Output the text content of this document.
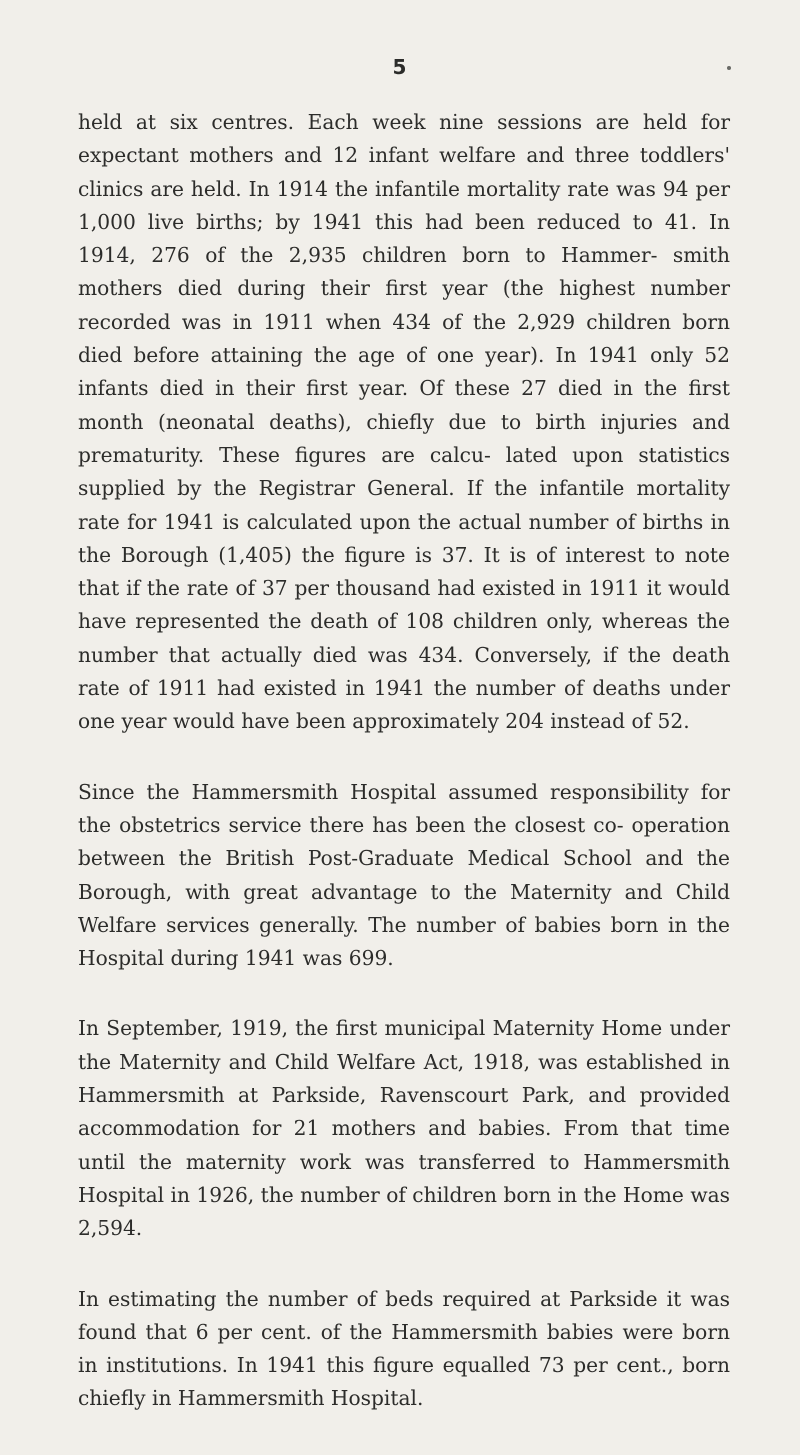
5

held at six centres. Each week nine sessions are held for expectant mothers and 12 infant welfare and three toddlers' clinics are held. In 1914 the infantile mortality rate was 94 per 1,000 live births; by 1941 this had been reduced to 41. In 1914, 276 of the 2,935 children born to Hammer- smith mothers died during their first year (the highest number recorded was in 1911 when 434 of the 2,929 children born died before attaining the age of one year). In 1941 only 52 infants died in their first year. Of these 27 died in the first month (neonatal deaths), chiefly due to birth injuries and prematurity. These figures are calcu- lated upon statistics supplied by the Registrar General. If the infantile mortality rate for 1941 is calculated upon the actual number of births in the Borough (1,405) the figure is 37. It is of interest to note that if the rate of 37 per thousand had existed in 1911 it would have represented the death of 108 children only, whereas the number that actually died was 434. Conversely, if the death rate of 1911 had existed in 1941 the number of deaths under one year would have been approximately 204 instead of 52.

Since the Hammersmith Hospital assumed responsibility for the obstetrics service there has been the closest co- operation between the British Post-Graduate Medical School and the Borough, with great advantage to the Maternity and Child Welfare services generally. The number of babies born in the Hospital during 1941 was 699.

In September, 1919, the first municipal Maternity Home under the Maternity and Child Welfare Act, 1918, was established in Hammersmith at Parkside, Ravenscourt Park, and provided accommodation for 21 mothers and babies. From that time until the maternity work was transferred to Hammersmith Hospital in 1926, the number of children born in the Home was 2,594.

In estimating the number of beds required at Parkside it was found that 6 per cent. of the Hammersmith babies were born in institutions. In 1941 this figure equalled 73 per cent., born chiefly in Hammersmith Hospital.
